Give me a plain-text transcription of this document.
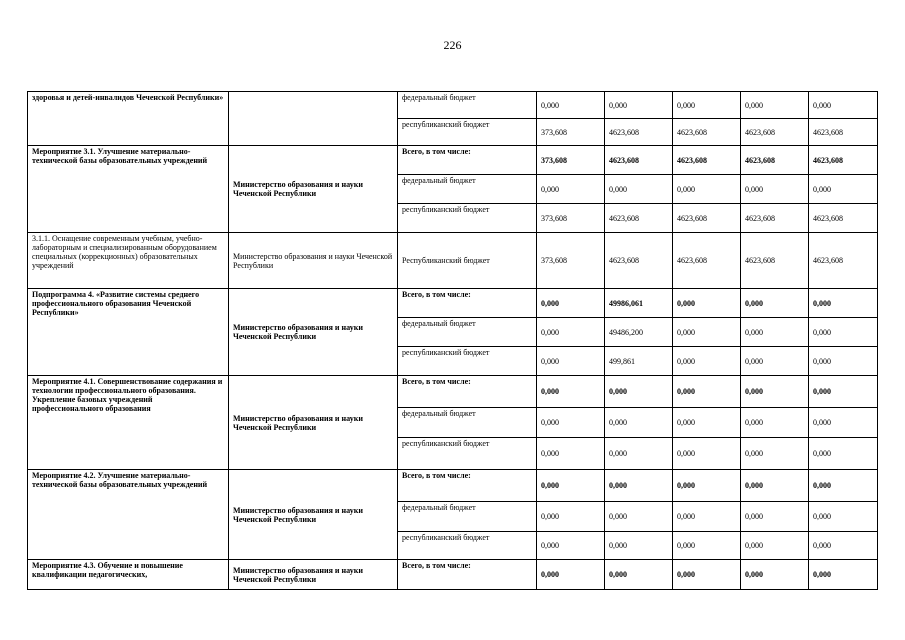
226
здоровья и детей-инвалидов Чеченской Республики»		федеральный бюджет	0,000	0,000	0,000	0,000	0,000
		республиканский бюджет	373,608	4623,608	4623,608	4623,608	4623,608
Мероприятие 3.1. Улучшение материально-технической базы образовательных учреждений	Министерство образования и науки Чеченской Республики	Всего, в том числе:	373,608	4623,608	4623,608	4623,608	4623,608
		федеральный бюджет	0,000	0,000	0,000	0,000	0,000
		республиканский бюджет	373,608	4623,608	4623,608	4623,608	4623,608
3.1.1. Оснащение современным учебным, учебно-лабораторным и специализированным оборудованием специальных (коррекционных) образовательных учреждений	Министерство образования и науки Чеченской Республики	Республиканский бюджет	373,608	4623,608	4623,608	4623,608	4623,608
Подпрограмма 4. «Развитие системы среднего профессионального образования Чеченской Республики»	Министерство образования и науки Чеченской Республики	Всего, в том числе:	0,000	49986,061	0,000	0,000	0,000
		федеральный бюджет	0,000	49486,200	0,000	0,000	0,000
		республиканский бюджет	0,000	499,861	0,000	0,000	0,000
Мероприятие 4.1. Совершенствование содержания и технологии профессионального образования. Укрепление базовых учреждений профессионального образования	Министерство образования и науки Чеченской Республики	Всего, в том числе:	0,000	0,000	0,000	0,000	0,000
		федеральный бюджет	0,000	0,000	0,000	0,000	0,000
		республиканский бюджет	0,000	0,000	0,000	0,000	0,000
Мероприятие 4.2. Улучшение материально-технической базы образовательных учреждений	Министерство образования и науки Чеченской Республики	Всего, в том числе:	0,000	0,000	0,000	0,000	0,000
		федеральный бюджет	0,000	0,000	0,000	0,000	0,000
		республиканский бюджет	0,000	0,000	0,000	0,000	0,000
Мероприятие 4.3. Обучение и повышение квалификации педагогических,	Министерство образования и науки Чеченской Республики	Всего, в том числе:	0,000	0,000	0,000	0,000	0,000
